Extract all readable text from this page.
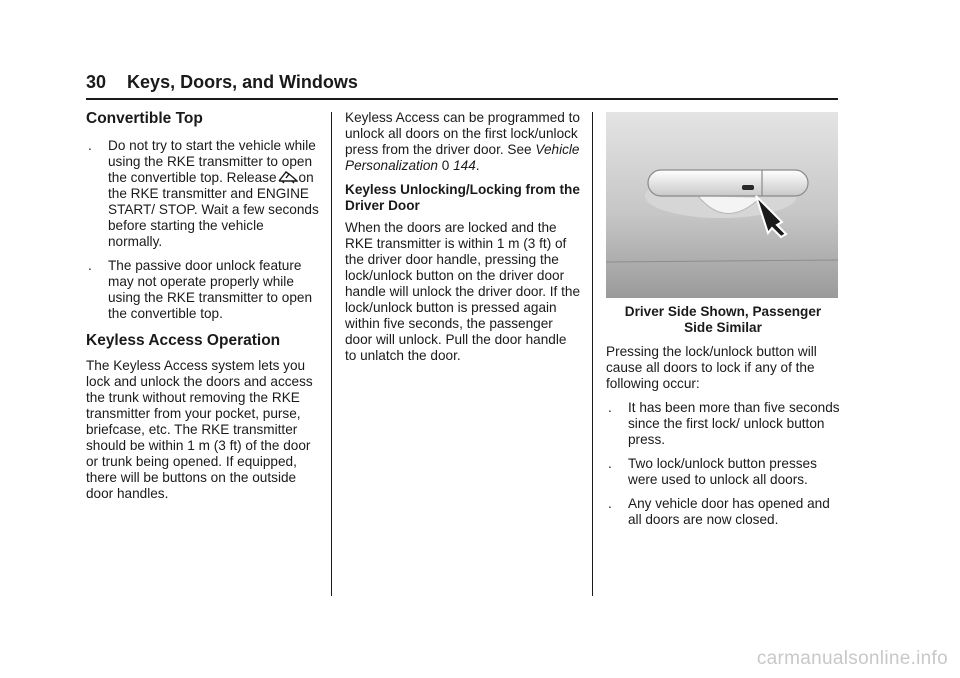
30 Keys, Doors, and Windows
Convertible Top
. Do not try to start the vehicle while using the RKE transmitter to open the convertible top. Release on the RKE transmitter and ENGINE START/ STOP. Wait a few seconds before starting the vehicle normally.
. The passive door unlock feature may not operate properly while using the RKE transmitter to open the convertible top.
Keyless Access Operation

The Keyless Access system lets you lock and unlock the doors and access the trunk without removing the RKE transmitter from your pocket, purse, briefcase, etc. The RKE transmitter should be within 1 m (3 ft) of the door or trunk being opened. If equipped, there will be buttons on the outside door handles.

Keyless Access can be programmed to unlock all doors on the first lock/unlock press from the driver door. See Vehicle Personalization 0 144.

Keyless Unlocking/Locking from the Driver Door

When the doors are locked and the RKE transmitter is within 1 m (3 ft) of the driver door handle, pressing the lock/unlock button on the driver door handle will unlock the driver door. If the lock/unlock button is pressed again within five seconds, the passenger door will unlock. Pull the door handle to unlatch the door.

Driver Side Shown, Passenger
Side Similar

Pressing the lock/unlock button will cause all doors to lock if any of the following occur:

. It has been more than five seconds since the first lock/ unlock button press.
. Two lock/unlock button presses were used to unlock all doors.
. Any vehicle door has opened and all doors are now closed.
carmanualsonline.info
